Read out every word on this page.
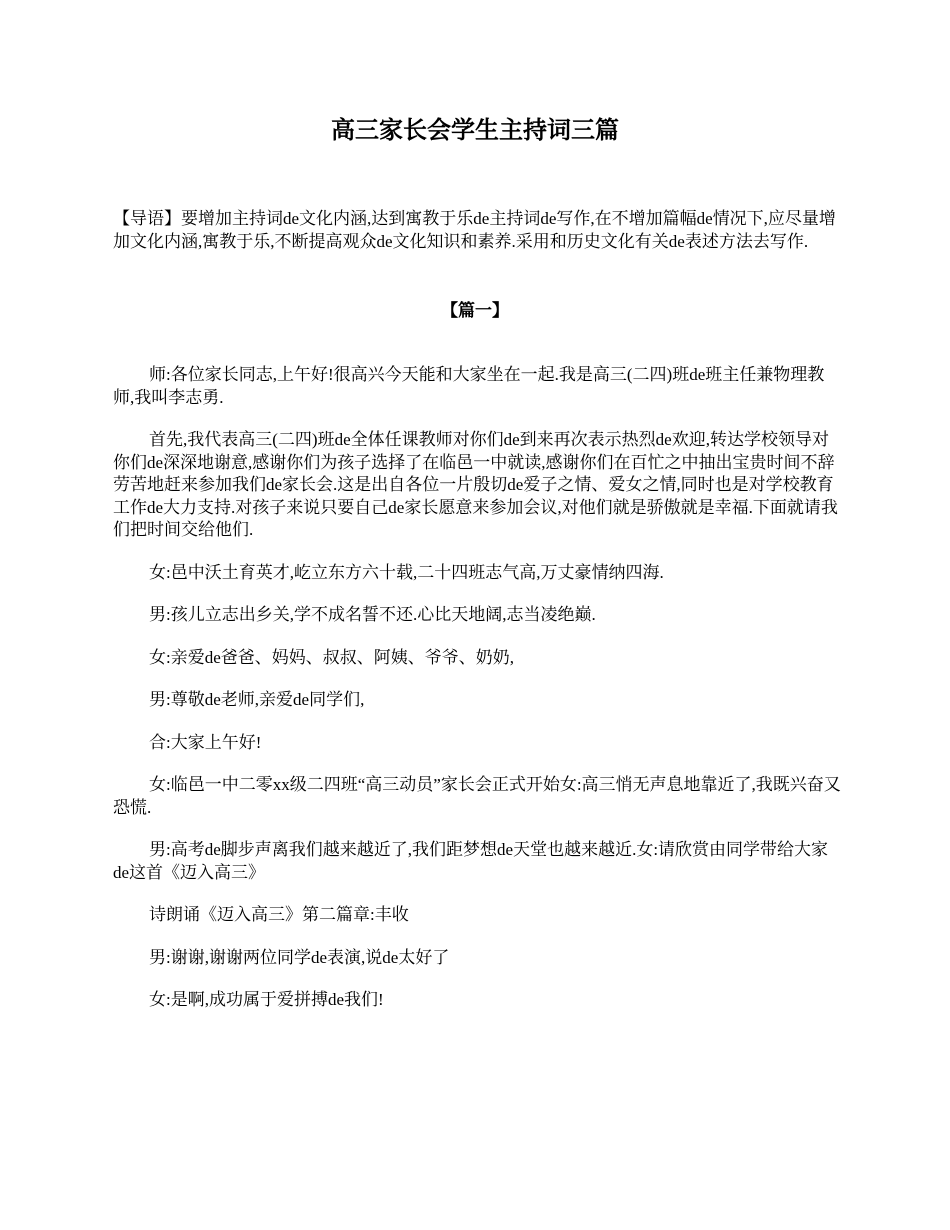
高三家长会学生主持词三篇

【导语】要增加主持词de文化内涵,达到寓教于乐de主持词de写作,在不增加篇幅de情况下,应尽量增加文化内涵,寓教于乐,不断提高观众de文化知识和素养.采用和历史文化有关de表述方法去写作.

【篇一】

师:各位家长同志,上午好!很高兴今天能和大家坐在一起.我是高三(二四)班de班主任兼物理教师,我叫李志勇.

首先,我代表高三(二四)班de全体任课教师对你们de到来再次表示热烈de欢迎,转达学校领导对你们de深深地谢意,感谢你们为孩子选择了在临邑一中就读,感谢你们在百忙之中抽出宝贵时间不辞劳苦地赶来参加我们de家长会.这是出自各位一片殷切de爱子之情、爱女之情,同时也是对学校教育工作de大力支持.对孩子来说只要自己de家长愿意来参加会议,对他们就是骄傲就是幸福.下面就请我们把时间交给他们.

女:邑中沃土育英才,屹立东方六十载,二十四班志气高,万丈豪情纳四海.

男:孩儿立志出乡关,学不成名誓不还.心比天地阔,志当凌绝巅.

女:亲爱de爸爸、妈妈、叔叔、阿姨、爷爷、奶奶,

男:尊敬de老师,亲爱de同学们,

合:大家上午好!

女:临邑一中二零xx级二四班“高三动员”家长会正式开始女:高三悄无声息地靠近了,我既兴奋又恐慌.

男:高考de脚步声离我们越来越近了,我们距梦想de天堂也越来越近.女:请欣赏由同学带给大家de这首《迈入高三》

诗朗诵《迈入高三》第二篇章:丰收

男:谢谢,谢谢两位同学de表演,说de太好了

女:是啊,成功属于爱拼搏de我们!
